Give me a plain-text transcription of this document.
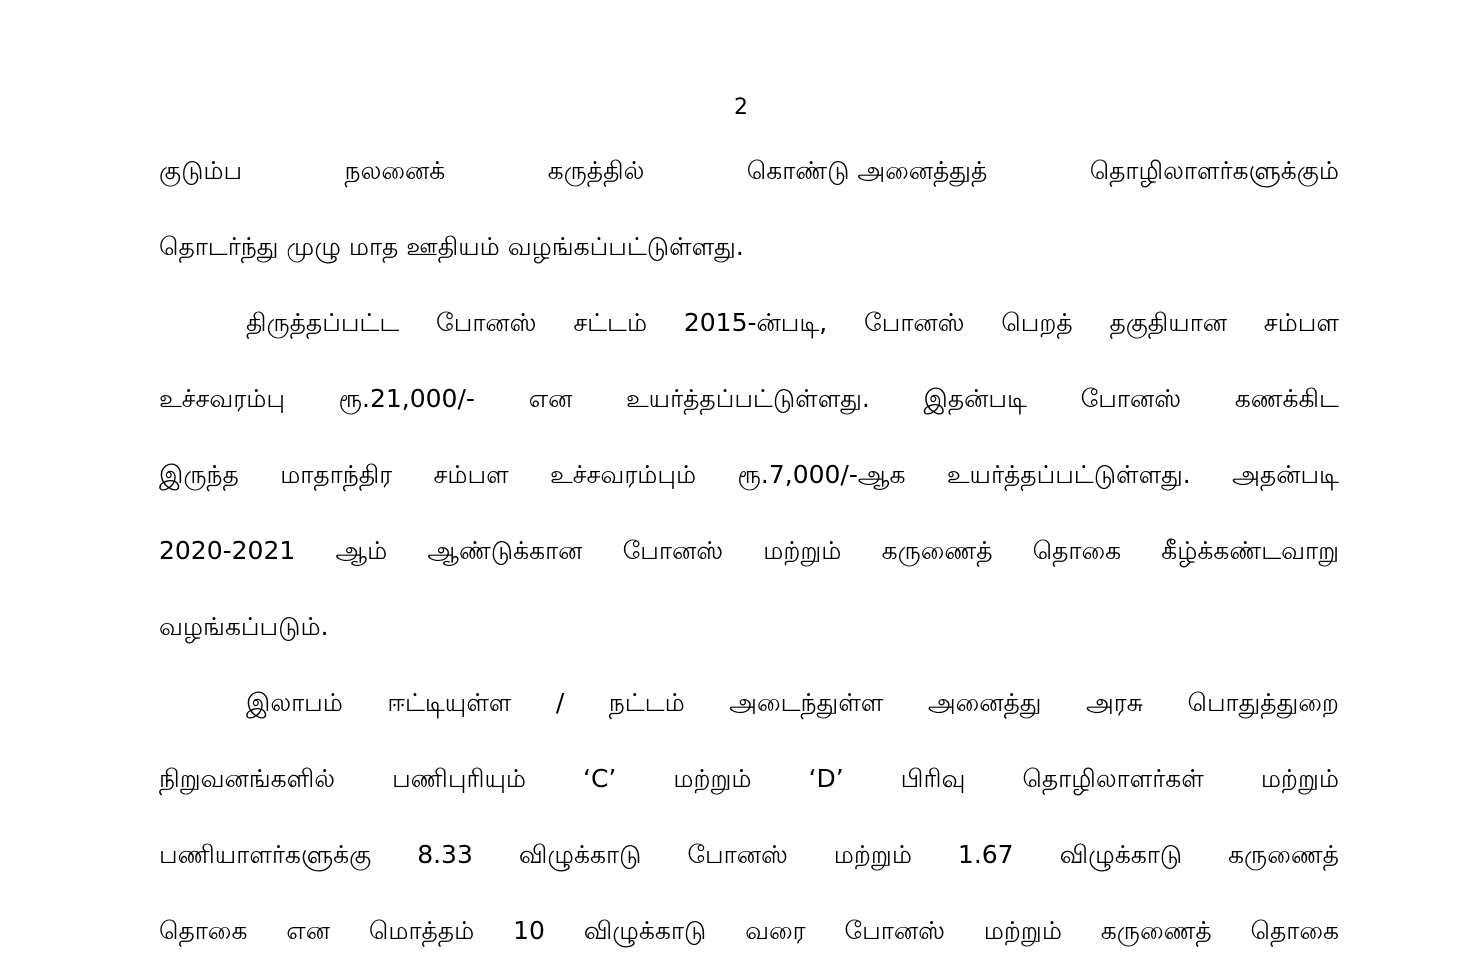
2
குடும்ப	நலனைக்	கருத்தில்	கொண்டு அனைத்துத்	தொழிலாளர்களுக்கும்
தொடர்ந்து முழு மாத ஊதியம் வழங்கப்பட்டுள்ளது.
திருத்தப்பட்ட போனஸ் சட்டம் 2015-ன்படி, போனஸ் பெறத் தகுதியான சம்பள
உச்சவரம்பு ரூ.21,000/- என உயர்த்தப்பட்டுள்ளது. இதன்படி போனஸ் கணக்கிட
இருந்த மாதாந்திர சம்பள உச்சவரம்பும் ரூ.7,000/-ஆக உயர்த்தப்பட்டுள்ளது. அதன்படி
2020-2021 ஆம் ஆண்டுக்கான போனஸ் மற்றும் கருணைத் தொகை கீழ்க்கண்டவாறு
வழங்கப்படும்.
இலாபம் ஈட்டியுள்ள / நட்டம் அடைந்துள்ள அனைத்து அரசு பொதுத்துறை
நிறுவனங்களில் பணிபுரியும் ‘C’ மற்றும் ‘D’ பிரிவு தொழிலாளர்கள் மற்றும்
பணியாளர்களுக்கு 8.33 விழுக்காடு போனஸ் மற்றும் 1.67 விழுக்காடு கருணைத்
தொகை என மொத்தம் 10 விழுக்காடு வரை போனஸ் மற்றும் கருணைத் தொகை
